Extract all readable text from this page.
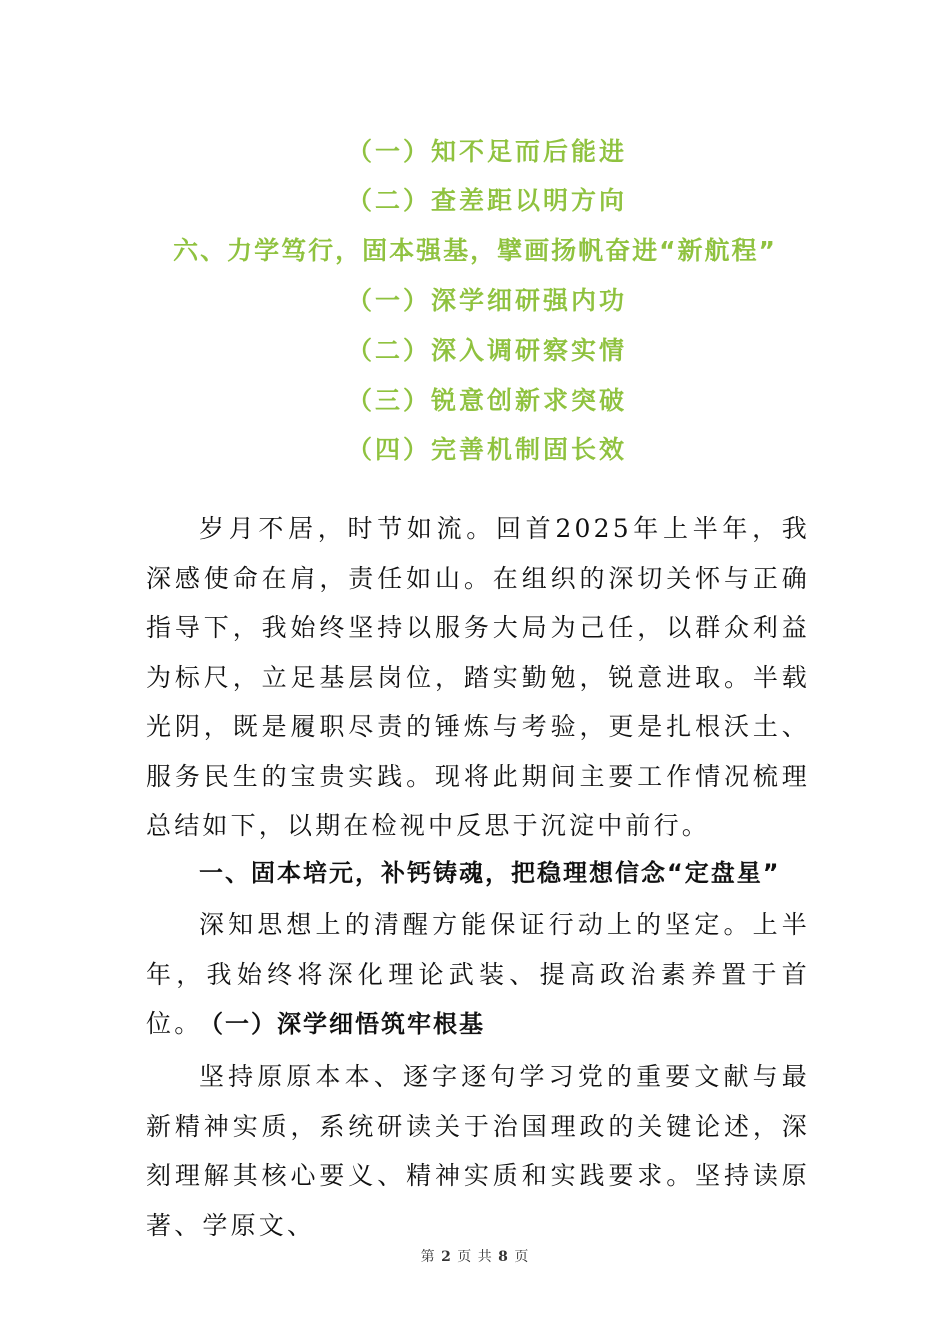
（一）知不足而后能进
（二）查差距以明方向
六、力学笃行，固本强基，擘画扬帆奋进“新航程”
（一）深学细研强内功
（二）深入调研察实情
（三）锐意创新求突破
（四）完善机制固长效

岁月不居，时节如流。回首2025年上半年，我深感使命在肩，责任如山。在组织的深切关怀与正确指导下，我始终坚持以服务大局为己任，以群众利益为标尺，立足基层岗位，踏实勤勉，锐意进取。半载光阴，既是履职尽责的锤炼与考验，更是扎根沃土、服务民生的宝贵实践。现将此期间主要工作情况梳理总结如下，以期在检视中反思于沉淀中前行。

一、固本培元，补钙铸魂，把稳理想信念“定盘星”

深知思想上的清醒方能保证行动上的坚定。上半年，我始终将深化理论武装、提高政治素养置于首位。

（一）深学细悟筑牢根基

坚持原原本本、逐字逐句学习党的重要文献与最新精神实质，系统研读关于治国理政的关键论述，深刻理解其核心要义、精神实质和实践要求。坚持读原著、学原文、

第 2 页 共 8 页
